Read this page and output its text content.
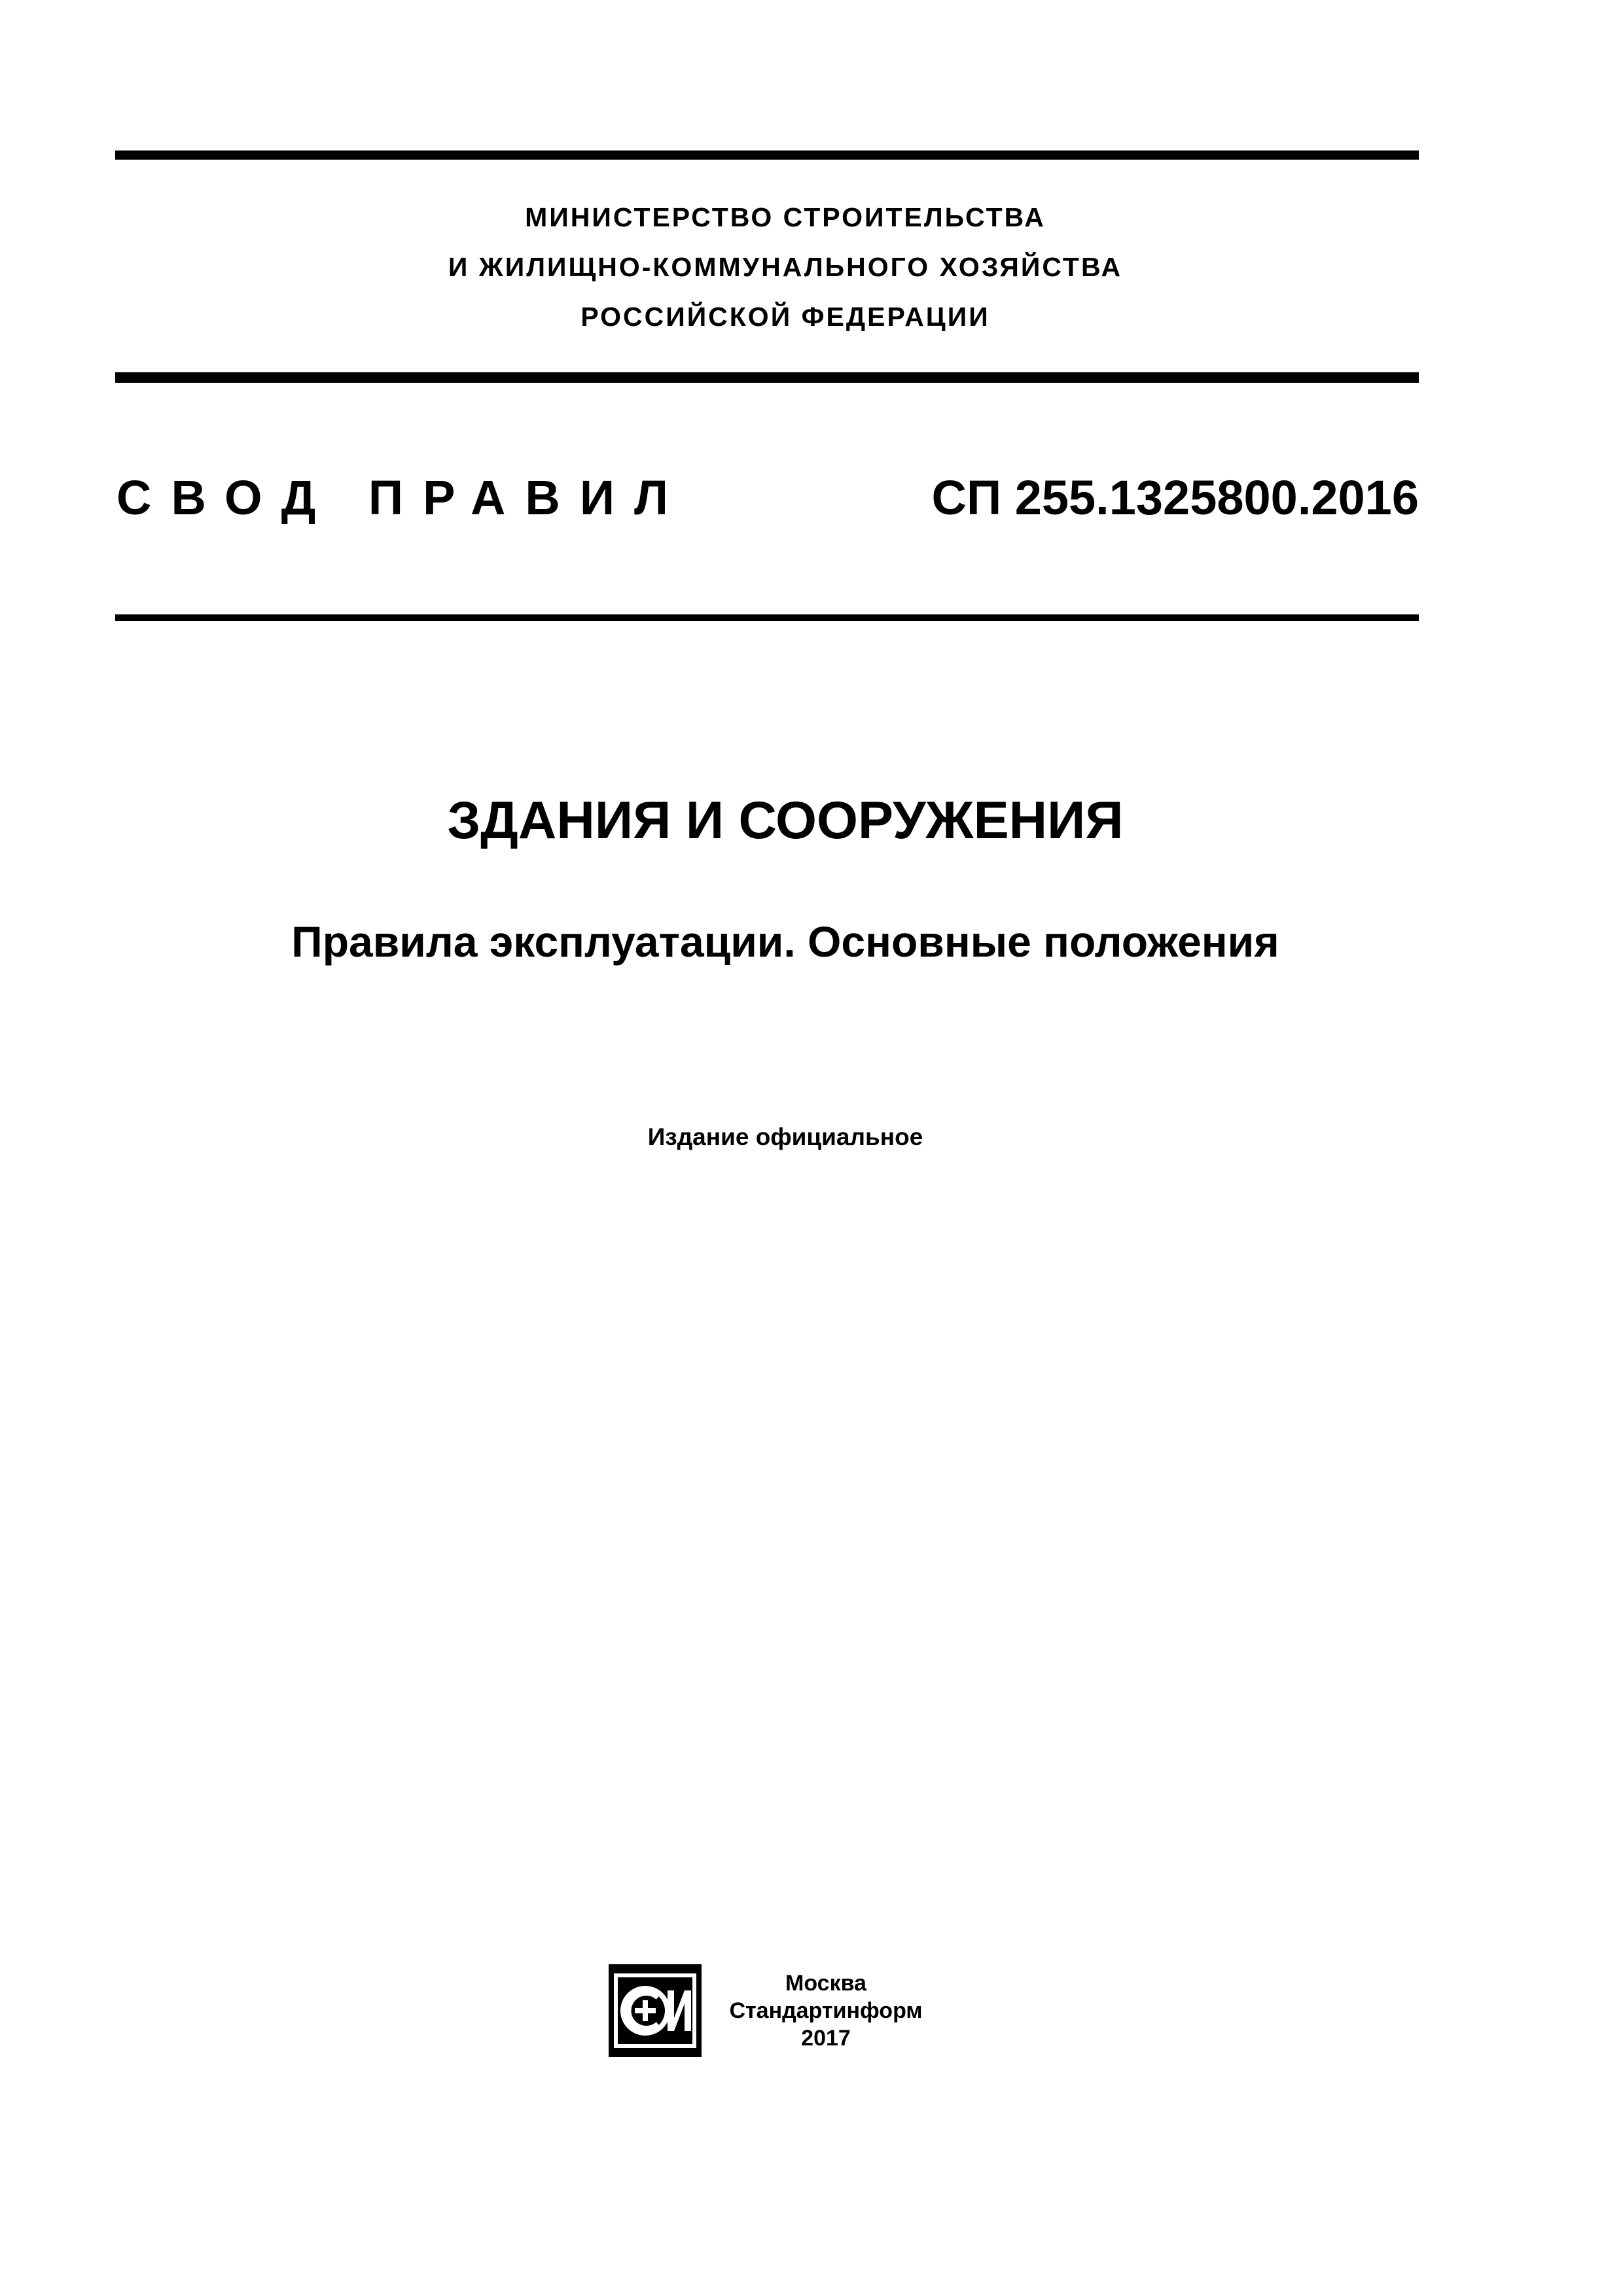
МИНИСТЕРСТВО СТРОИТЕЛЬСТВА
И ЖИЛИЩНО-КОММУНАЛЬНОГО ХОЗЯЙСТВА
РОССИЙСКОЙ ФЕДЕРАЦИИ
СВОД ПРАВИЛ	СП 255.1325800.2016
ЗДАНИЯ И СООРУЖЕНИЯ
Правила эксплуатации. Основные положения
Издание официальное
Москва
Стандартинформ
2017
